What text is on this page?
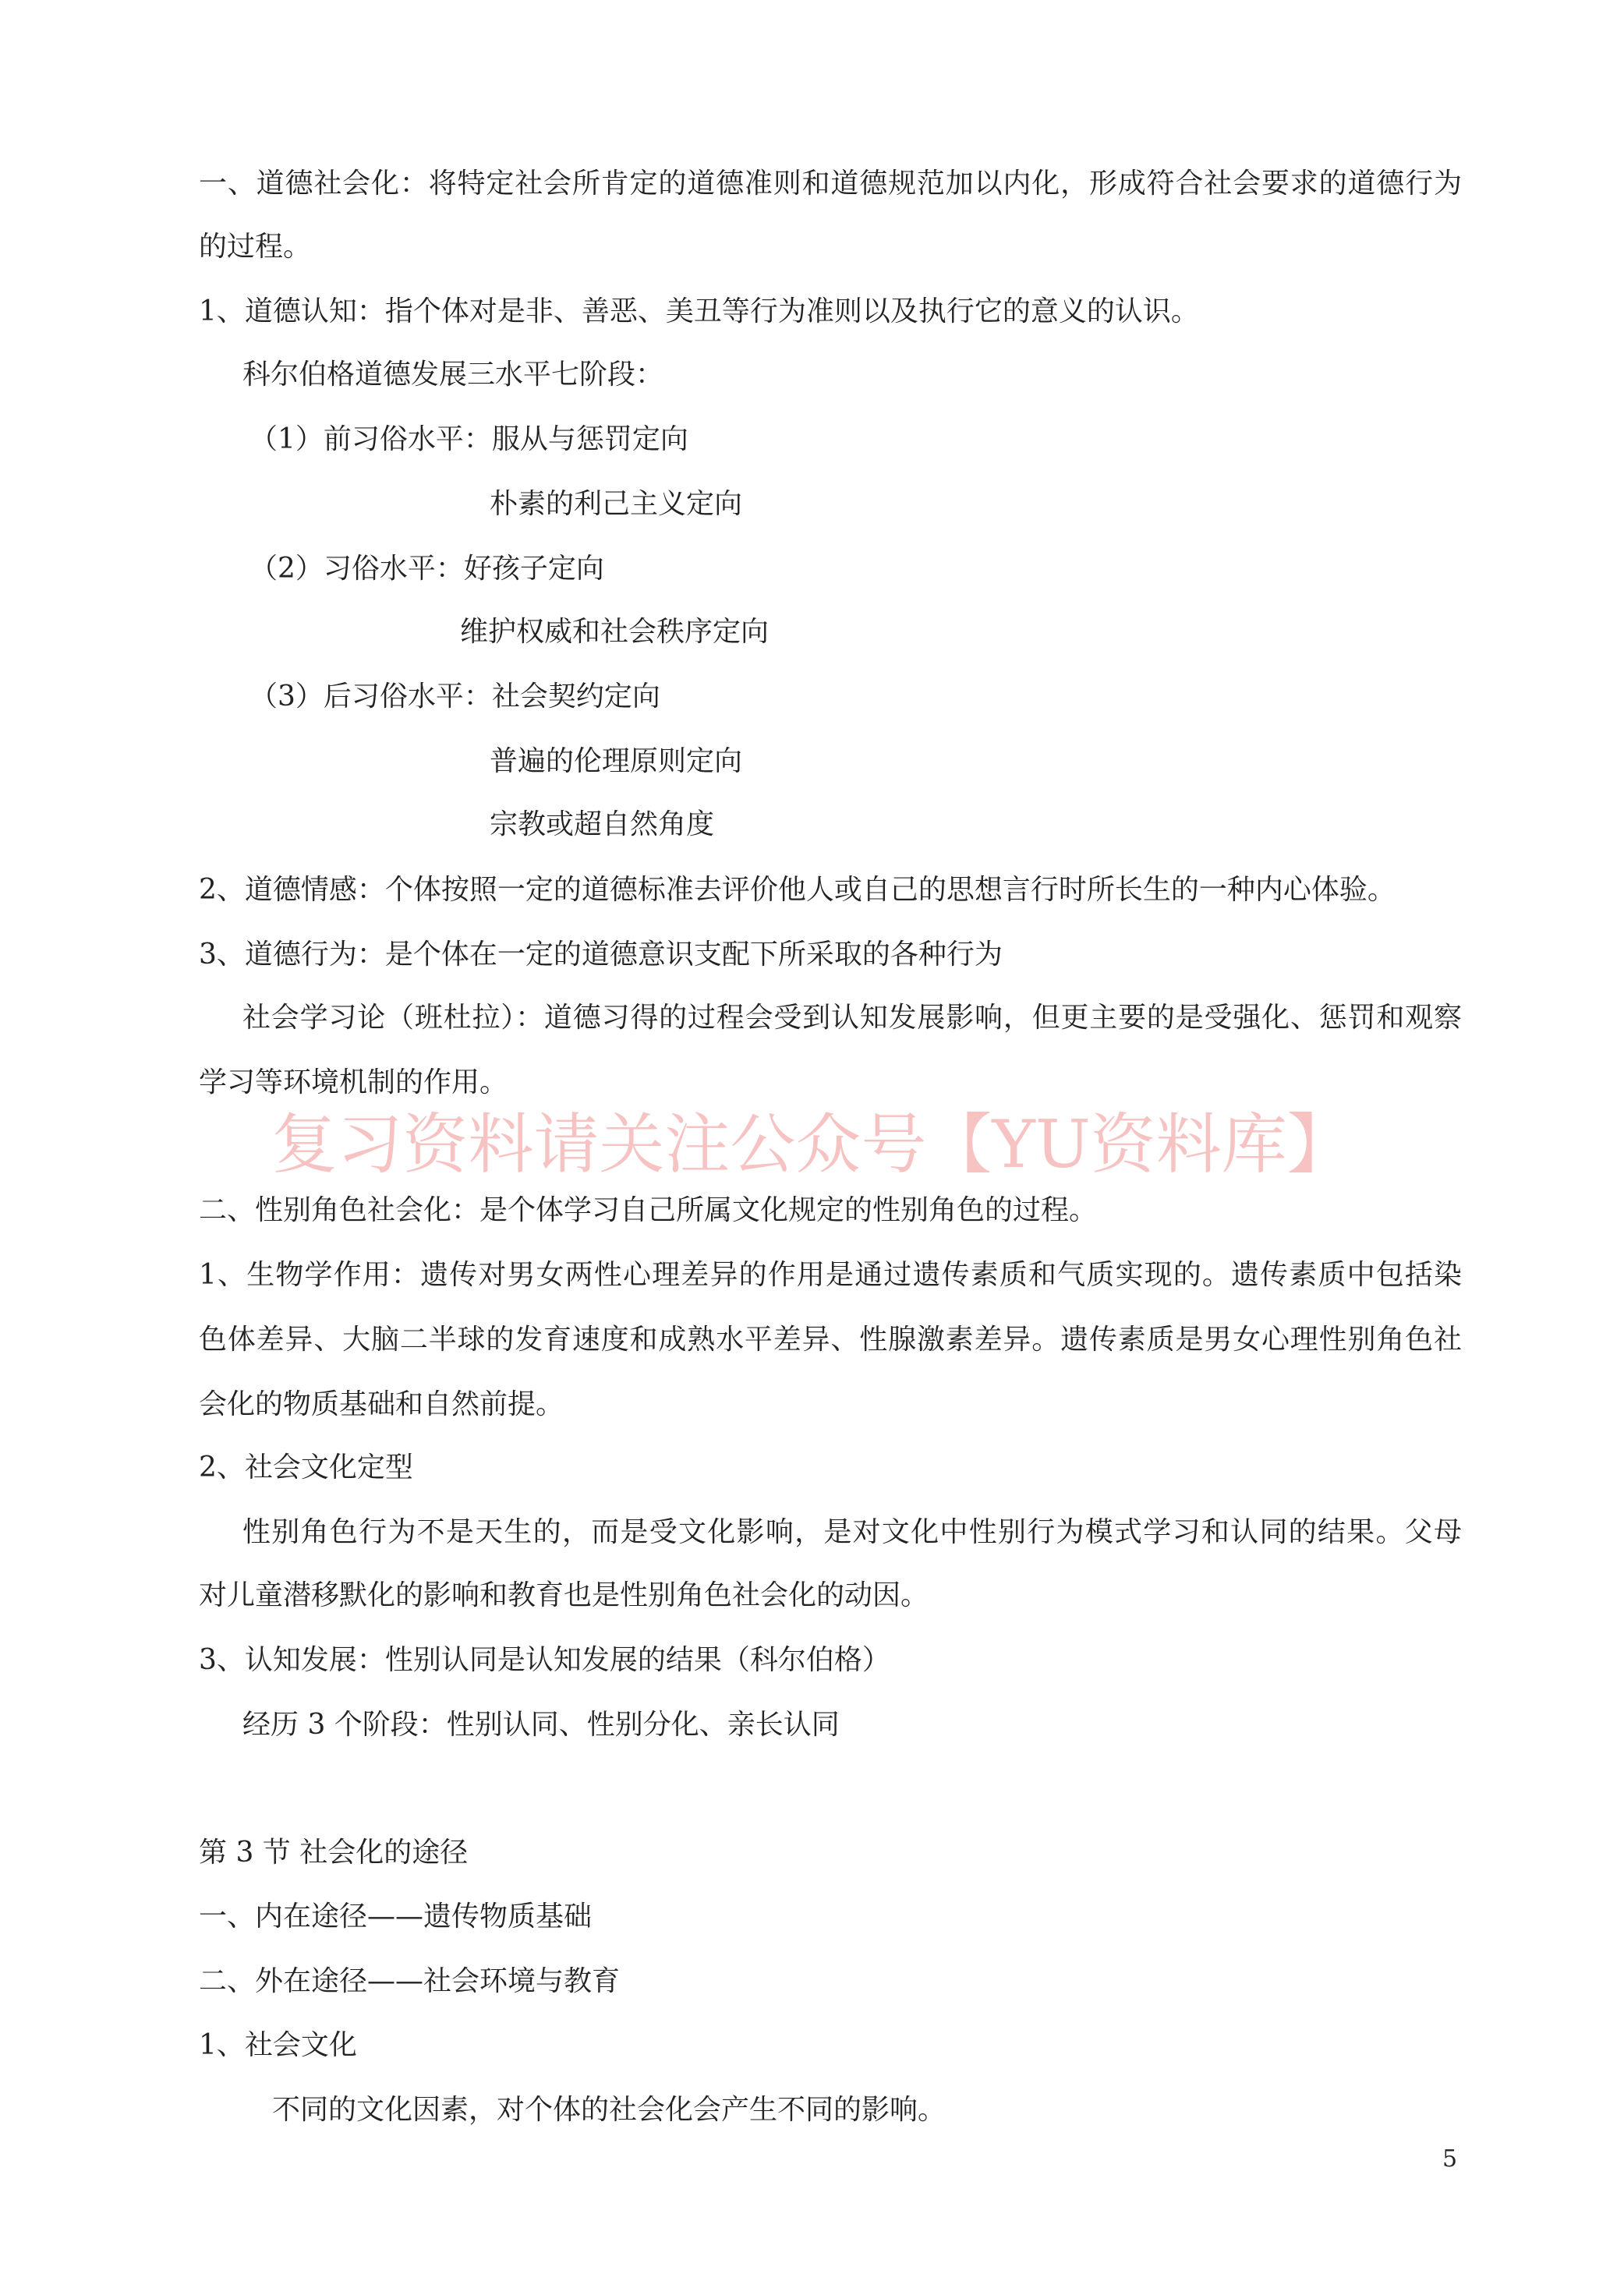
复习资料请关注公众号【YU资料库】
一、道德社会化：将特定社会所肯定的道德准则和道德规范加以内化，形成符合社会要求的道德行为
的过程。
1、道德认知：指个体对是非、善恶、美丑等行为准则以及执行它的意义的认识。
科尔伯格道德发展三水平七阶段：
（1）前习俗水平：服从与惩罚定向
朴素的利己主义定向
（2）习俗水平：好孩子定向
维护权威和社会秩序定向
（3）后习俗水平：社会契约定向
普遍的伦理原则定向
宗教或超自然角度
2、道德情感：个体按照一定的道德标准去评价他人或自己的思想言行时所长生的一种内心体验。
3、道德行为：是个体在一定的道德意识支配下所采取的各种行为
社会学习论（班杜拉）：道德习得的过程会受到认知发展影响，但更主要的是受强化、惩罚和观察
学习等环境机制的作用。
二、性别角色社会化：是个体学习自己所属文化规定的性别角色的过程。
1、生物学作用：遗传对男女两性心理差异的作用是通过遗传素质和气质实现的。遗传素质中包括染
色体差异、大脑二半球的发育速度和成熟水平差异、性腺激素差异。遗传素质是男女心理性别角色社
会化的物质基础和自然前提。
2、社会文化定型
性别角色行为不是天生的，而是受文化影响，是对文化中性别行为模式学习和认同的结果。父母
对儿童潜移默化的影响和教育也是性别角色社会化的动因。
3、认知发展：性别认同是认知发展的结果（科尔伯格）
经历 3 个阶段：性别认同、性别分化、亲长认同
第 3 节 社会化的途径
一、内在途径——遗传物质基础
二、外在途径——社会环境与教育
1、社会文化
不同的文化因素，对个体的社会化会产生不同的影响。
5
